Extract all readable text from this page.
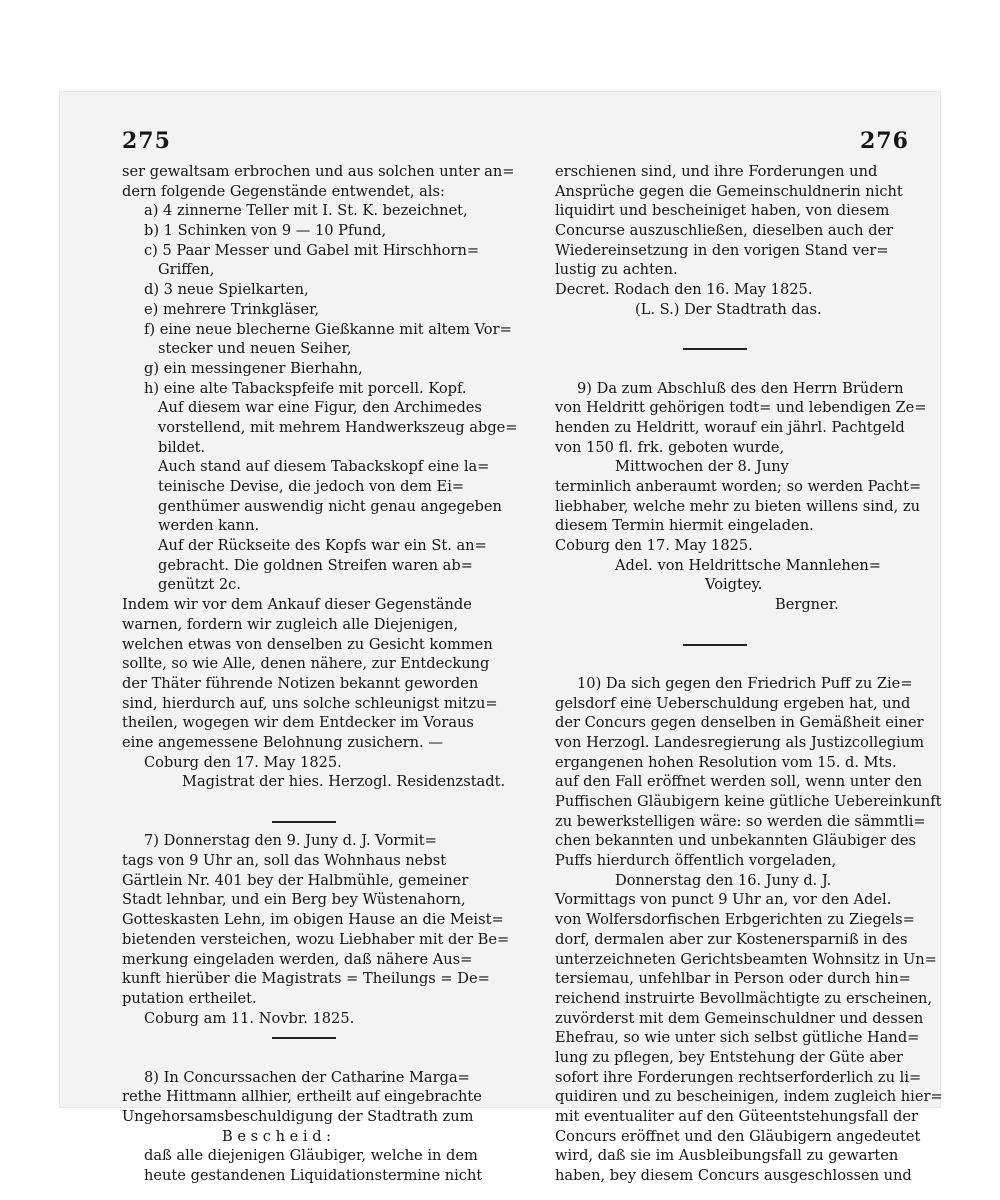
275	276
ser gewaltsam erbrochen und aus solchen unter an=
dern folgende Gegenstände entwendet, als:
a) 4 zinnerne Teller mit I. St. K. bezeichnet,
b) 1 Schinken von 9 — 10 Pfund,
c) 5 Paar Messer und Gabel mit Hirschhorn=
Griffen,
d) 3 neue Spielkarten,
e) mehrere Trinkgläser,
f) eine neue blecherne Gießkanne mit altem Vor=
stecker und neuen Seiher,
g) ein messingener Bierhahn,
h) eine alte Tabackspfeife mit porcell. Kopf.
Auf diesem war eine Figur, den Archimedes
vorstellend, mit mehrem Handwerkszeug abge=
bildet.
Auch stand auf diesem Tabackskopf eine la=
teinische Devise, die jedoch von dem Ei=
genthümer auswendig nicht genau angegeben
werden kann.
Auf der Rückseite des Kopfs war ein St. an=
gebracht. Die goldnen Streifen waren ab=
genützt 2c.
Indem wir vor dem Ankauf dieser Gegenstände
warnen, fordern wir zugleich alle Diejenigen,
welchen etwas von denselben zu Gesicht kommen
sollte, so wie Alle, denen nähere, zur Entdeckung
der Thäter führende Notizen bekannt geworden
sind, hierdurch auf, uns solche schleunigst mitzu=
theilen, wogegen wir dem Entdecker im Voraus
eine angemessene Belohnung zusichern. —
Coburg den 17. May 1825.
Magistrat der hies. Herzogl. Residenzstadt.
7) Donnerstag den 9. Juny d. J. Vormit=
tags von 9 Uhr an, soll das Wohnhaus nebst
Gärtlein Nr. 401 bey der Halbmühle, gemeiner
Stadt lehnbar, und ein Berg bey Wüstenahorn,
Gotteskasten Lehn, im obigen Hause an die Meist=
bietenden versteichen, wozu Liebhaber mit der Be=
merkung eingeladen werden, daß nähere Aus=
kunft hierüber die Magistrats = Theilungs = De=
putation ertheilet.
Coburg am 11. Novbr. 1825.
8) In Concurssachen der Catharine Marga=
rethe Hittmann allhier, ertheilt auf eingebrachte
Ungehorsamsbeschuldigung der Stadtrath zum
B e s c h e i d :
daß alle diejenigen Gläubiger, welche in dem
heute gestandenen Liquidationstermine nicht
erschienen sind, und ihre Forderungen und
Ansprüche gegen die Gemeinschuldnerin nicht
liquidirt und bescheiniget haben, von diesem
Concurse auszuschließen, dieselben auch der
Wiedereinsetzung in den vorigen Stand ver=
lustig zu achten.
Decret. Rodach den 16. May 1825.
(L. S.) Der Stadtrath das.
9) Da zum Abschluß des den Herrn Brüdern
von Heldritt gehörigen todt= und lebendigen Ze=
henden zu Heldritt, worauf ein jährl. Pachtgeld
von 150 fl. frk. geboten wurde,
Mittwochen der 8. Juny
terminlich anberaumt worden; so werden Pacht=
liebhaber, welche mehr zu bieten willens sind, zu
diesem Termin hiermit eingeladen.
Coburg den 17. May 1825.
Adel. von Heldrittsche Mannlehen=
Voigtey.
Bergner.
10) Da sich gegen den Friedrich Puff zu Zie=
gelsdorf eine Ueberschuldung ergeben hat, und
der Concurs gegen denselben in Gemäßheit einer
von Herzogl. Landesregierung als Justizcollegium
ergangenen hohen Resolution vom 15. d. Mts.
auf den Fall eröffnet werden soll, wenn unter den
Puffischen Gläubigern keine gütliche Uebereinkunft
zu bewerkstelligen wäre: so werden die sämmtli=
chen bekannten und unbekannten Gläubiger des
Puffs hierdurch öffentlich vorgeladen,
Donnerstag den 16. Juny d. J.
Vormittags von punct 9 Uhr an, vor den Adel.
von Wolfersdorfischen Erbgerichten zu Ziegels=
dorf, dermalen aber zur Kostenersparniß in des
unterzeichneten Gerichtsbeamten Wohnsitz in Un=
tersiemau, unfehlbar in Person oder durch hin=
reichend instruirte Bevollmächtigte zu erscheinen,
zuvörderst mit dem Gemeinschuldner und dessen
Ehefrau, so wie unter sich selbst gütliche Hand=
lung zu pflegen, bey Entstehung der Güte aber
sofort ihre Forderungen rechtserforderlich zu li=
quidiren und zu bescheinigen, indem zugleich hier=
mit eventualiter auf den Güteentstehungsfall der
Concurs eröffnet und den Gläubigern angedeutet
wird, daß sie im Ausbleibungsfall zu gewarten
haben, bey diesem Concurs ausgeschlossen und
